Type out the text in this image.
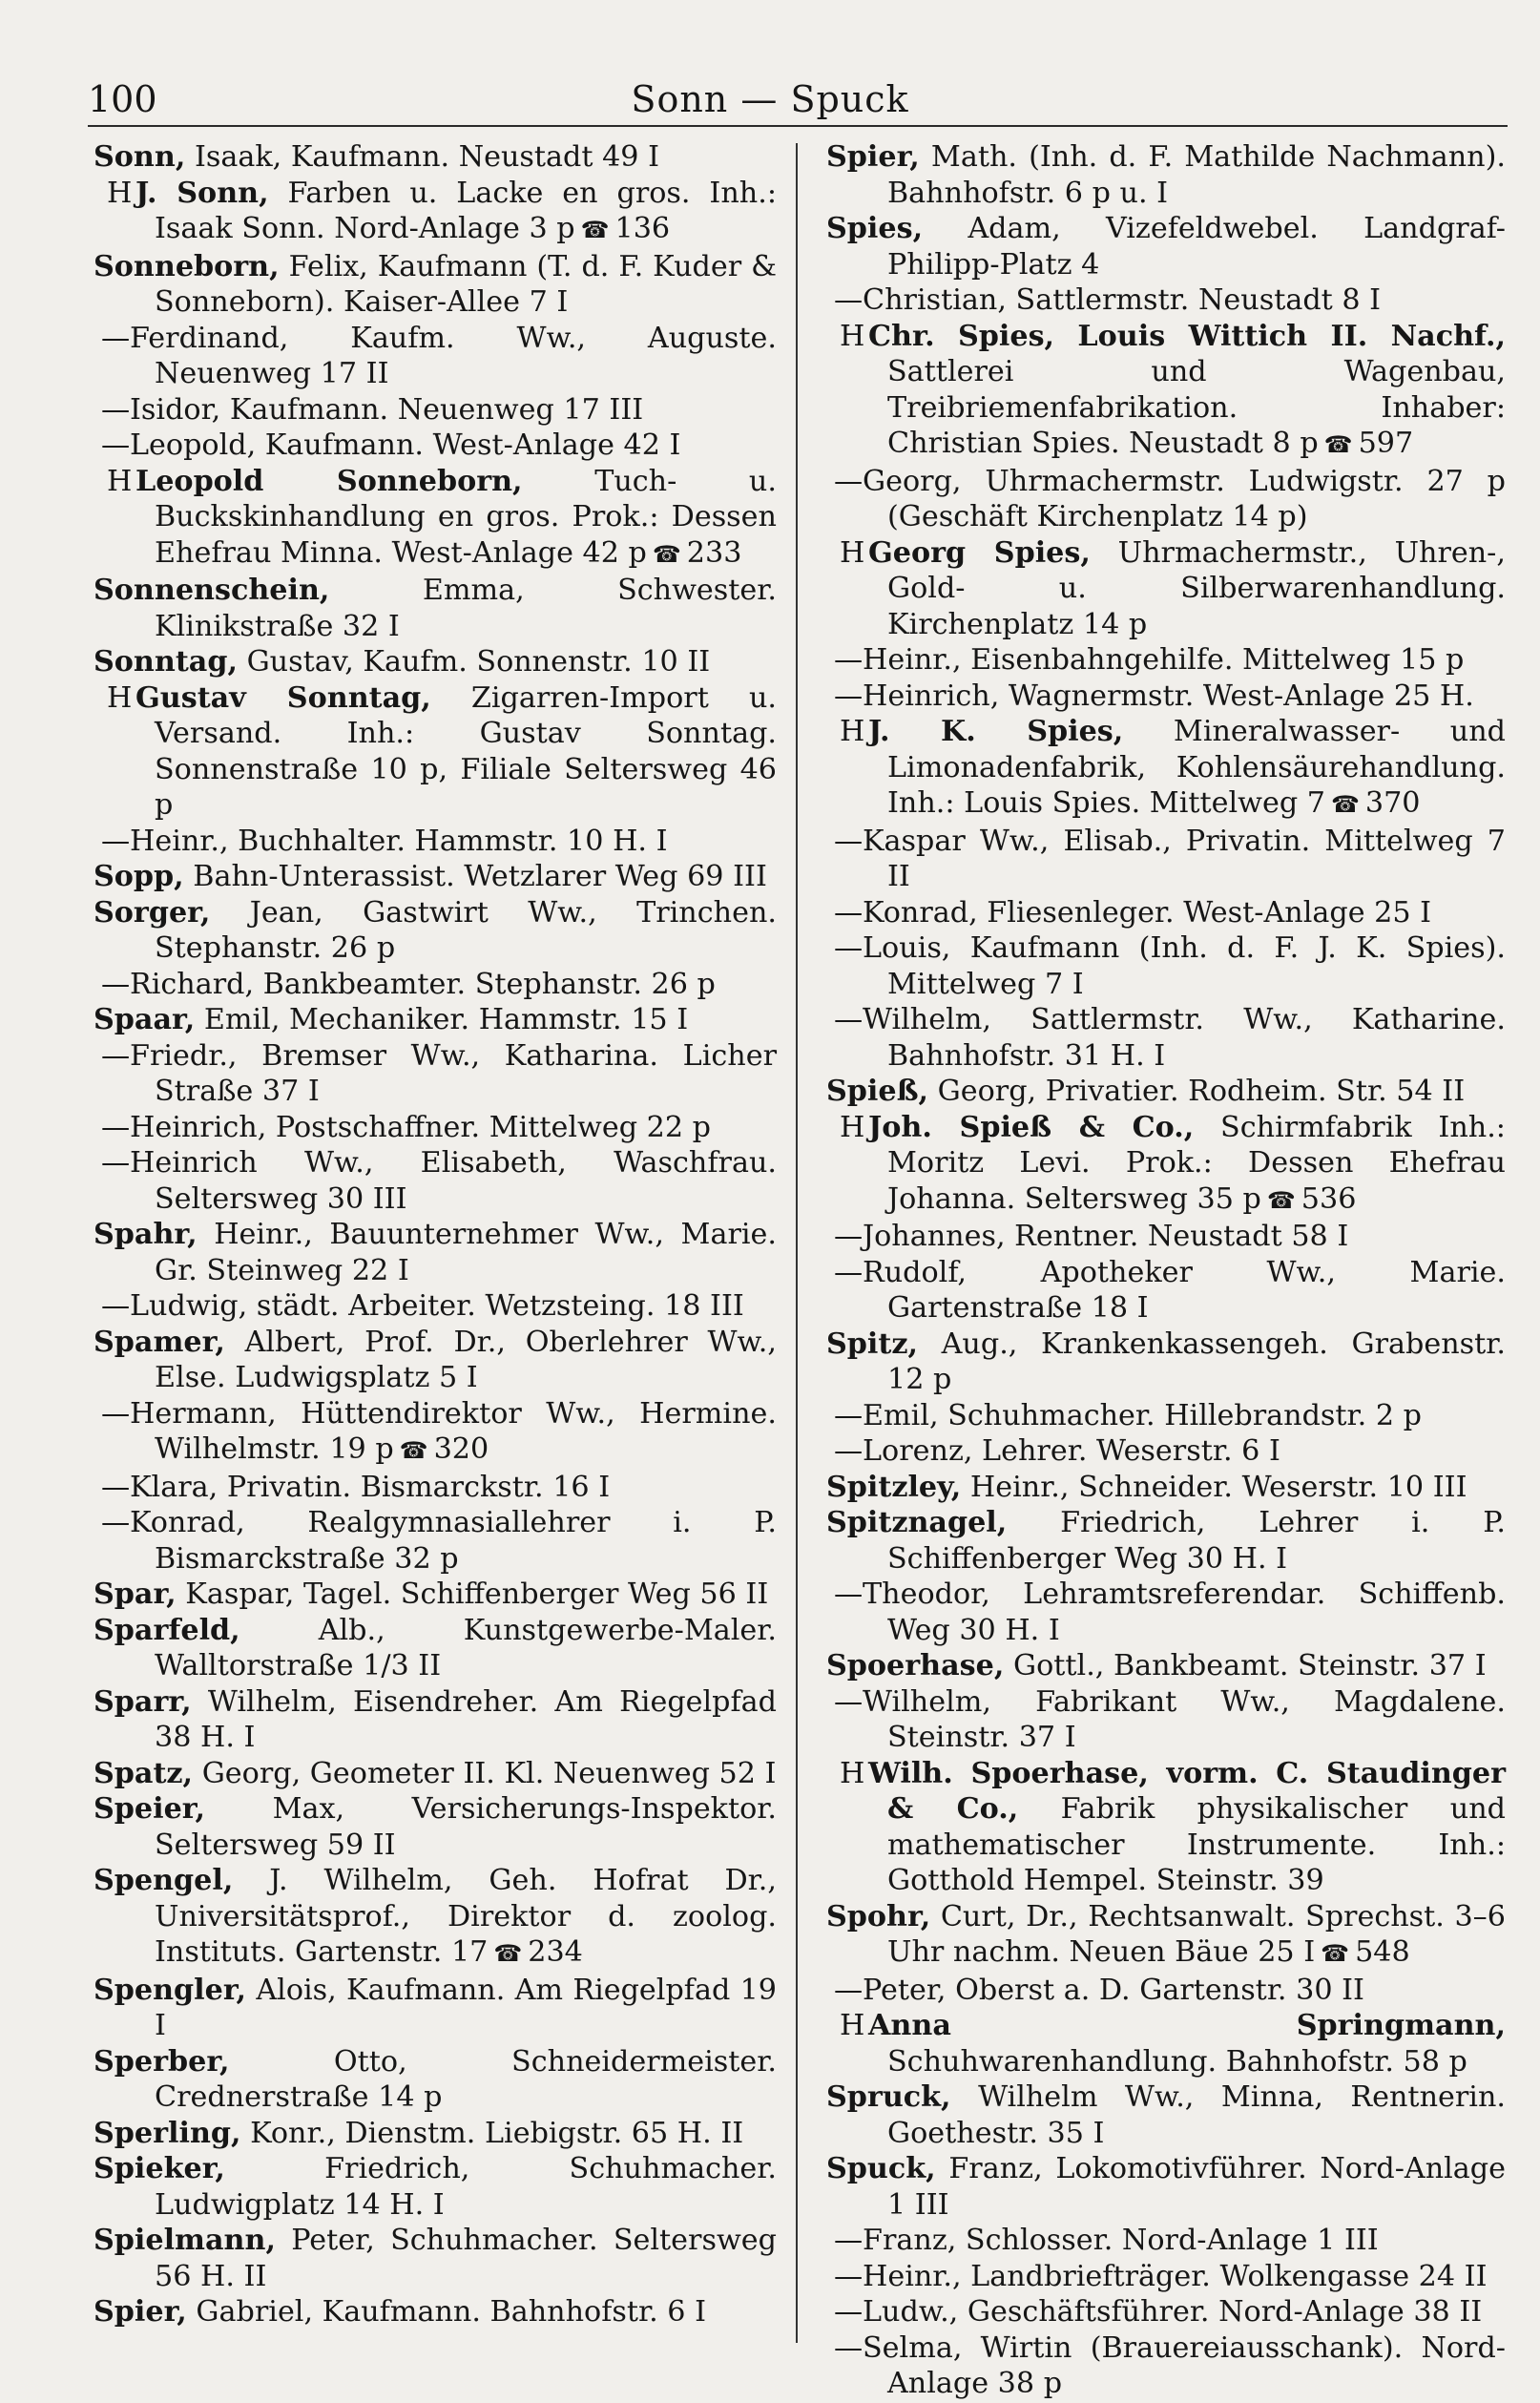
100	Sonn — Spuck

Sonn, Isaak, Kaufmann. Neustadt 49 I

H J. Sonn, Farben u. Lacke en gros. Inh.: Isaak Sonn. Nord-Anlage 3 p ☎ 136

Sonneborn, Felix, Kaufmann (T. d. F. Kuder & Sonneborn). Kaiser-Allee 7 I

—Ferdinand, Kaufm. Ww., Auguste. Neuenweg 17 II

—Isidor, Kaufmann. Neuenweg 17 III

—Leopold, Kaufmann. West-Anlage 42 I

H Leopold Sonneborn,	Tuch- u. Buckskinhandlung en gros. Prok.: Dessen Ehefrau Minna. West-Anlage 42 p ☎ 233

Sonnenschein,	Emma, Schwester. Klinikstraße 32 I

Sonntag, Gustav, Kaufm. Sonnenstr. 10 II

H Gustav Sonntag, Zigarren-Import u. Versand. Inh.: Gustav Sonntag. Sonnenstraße 10 p, Filiale Seltersweg 46 p

—Heinr., Buchhalter. Hammstr. 10 H. I

Sopp, Bahn-Unterassist. Wetzlarer Weg 69 III

Sorger, Jean, Gastwirt Ww., Trinchen. Stephanstr. 26 p

—Richard, Bankbeamter. Stephanstr. 26 p

Spaar, Emil, Mechaniker. Hammstr. 15 I

—Friedr., Bremser Ww., Katharina. Licher Straße 37 I

—Heinrich, Postschaffner. Mittelweg 22 p

—Heinrich Ww., Elisabeth, Waschfrau. Seltersweg 30 III

Spahr, Heinr., Bauunternehmer Ww., Marie. Gr. Steinweg 22 I

—Ludwig, städt. Arbeiter. Wetzsteing. 18 III

Spamer, Albert, Prof. Dr., Oberlehrer Ww., Else. Ludwigsplatz 5 I

—Hermann, Hüttendirektor Ww., Hermine. Wilhelmstr. 19 p ☎ 320

—Klara, Privatin. Bismarckstr. 16 I

—Konrad, Realgymnasiallehrer i. P. Bismarckstraße 32 p

Spar, Kaspar, Tagel. Schiffenberger Weg 56 II

Sparfeld,	Alb., Kunstgewerbe-Maler. Walltorstraße 1/3 II

Sparr, Wilhelm, Eisendreher. Am Riegelpfad 38 H. I

Spatz, Georg, Geometer II. Kl. Neuenweg 52 I

Speier, Max, Versicherungs-Inspektor. Seltersweg 59 II

Spengel, J. Wilhelm, Geh. Hofrat Dr., Universitätsprof., Direktor d. zoolog. Instituts. Gartenstr. 17 ☎ 234

Spengler, Alois, Kaufmann. Am Riegelpfad 19 I

Sperber,	Otto, Schneidermeister. Crednerstraße 14 p

Sperling, Konr., Dienstm. Liebigstr. 65 H. II

Spieker,	Friedrich, Schuhmacher. Ludwigplatz 14 H. I

Spielmann, Peter, Schuhmacher. Seltersweg 56 H. II

Spier, Gabriel, Kaufmann. Bahnhofstr. 6 I

Spier, Math. (Inh. d. F. Mathilde Nachmann). Bahnhofstr. 6 p u. I

Spies, Adam, Vizefeldwebel. Landgraf-Philipp-Platz 4

—Christian, Sattlermstr. Neustadt 8 I

H Chr. Spies, Louis Wittich II. Nachf., Sattlerei und Wagenbau, Treibriemenfabrikation. Inhaber: Christian Spies. Neustadt 8 p ☎ 597

—Georg, Uhrmachermstr. Ludwigstr. 27 p (Geschäft Kirchenplatz 14 p)

H Georg Spies, Uhrmachermstr., Uhren-, Gold- u. Silberwarenhandlung. Kirchenplatz 14 p

—Heinr., Eisenbahngehilfe. Mittelweg 15 p

—Heinrich, Wagnermstr. West-Anlage 25 H.

H J. K. Spies, Mineralwasser- und Limonadenfabrik, Kohlensäurehandlung. Inh.: Louis Spies. Mittelweg 7 ☎ 370

—Kaspar Ww., Elisab., Privatin. Mittelweg 7 II

—Konrad, Fliesenleger. West-Anlage 25 I

—Louis, Kaufmann (Inh. d. F. J. K. Spies). Mittelweg 7 I

—Wilhelm, Sattlermstr. Ww., Katharine. Bahnhofstr. 31 H. I

Spieß, Georg, Privatier. Rodheim. Str. 54 II

H Joh. Spieß & Co., Schirmfabrik Inh.: Moritz Levi. Prok.: Dessen Ehefrau Johanna. Seltersweg 35 p ☎ 536

—Johannes, Rentner. Neustadt 58 I

—Rudolf, Apotheker Ww., Marie. Gartenstraße 18 I

Spitz, Aug., Krankenkassengeh. Grabenstr. 12 p

—Emil, Schuhmacher. Hillebrandstr. 2 p

—Lorenz, Lehrer. Weserstr. 6 I

Spitzley, Heinr., Schneider. Weserstr. 10 III

Spitznagel, Friedrich, Lehrer i. P. Schiffenberger Weg 30 H. I

—Theodor, Lehramtsreferendar. Schiffenb. Weg 30 H. I

Spoerhase, Gottl., Bankbeamt. Steinstr. 37 I

—Wilhelm, Fabrikant Ww., Magdalene. Steinstr. 37 I

H Wilh. Spoerhase, vorm. C. Staudinger & Co., Fabrik physikalischer und mathematischer Instrumente. Inh.: Gotthold Hempel. Steinstr. 39

Spohr, Curt, Dr., Rechtsanwalt. Sprechst. 3–6 Uhr nachm. Neuen Bäue 25 I ☎ 548

—Peter, Oberst a. D. Gartenstr. 30 II

H Anna Springmann, Schuhwarenhandlung. Bahnhofstr. 58 p

Spruck, Wilhelm Ww., Minna, Rentnerin. Goethestr. 35 I

Spuck, Franz, Lokomotivführer. Nord-Anlage 1 III

—Franz, Schlosser. Nord-Anlage 1 III

—Heinr., Landbriefträger. Wolkengasse 24 II

—Ludw., Geschäftsführer. Nord-Anlage 38 II

—Selma, Wirtin (Brauereiausschank). Nord-Anlage 38 p
